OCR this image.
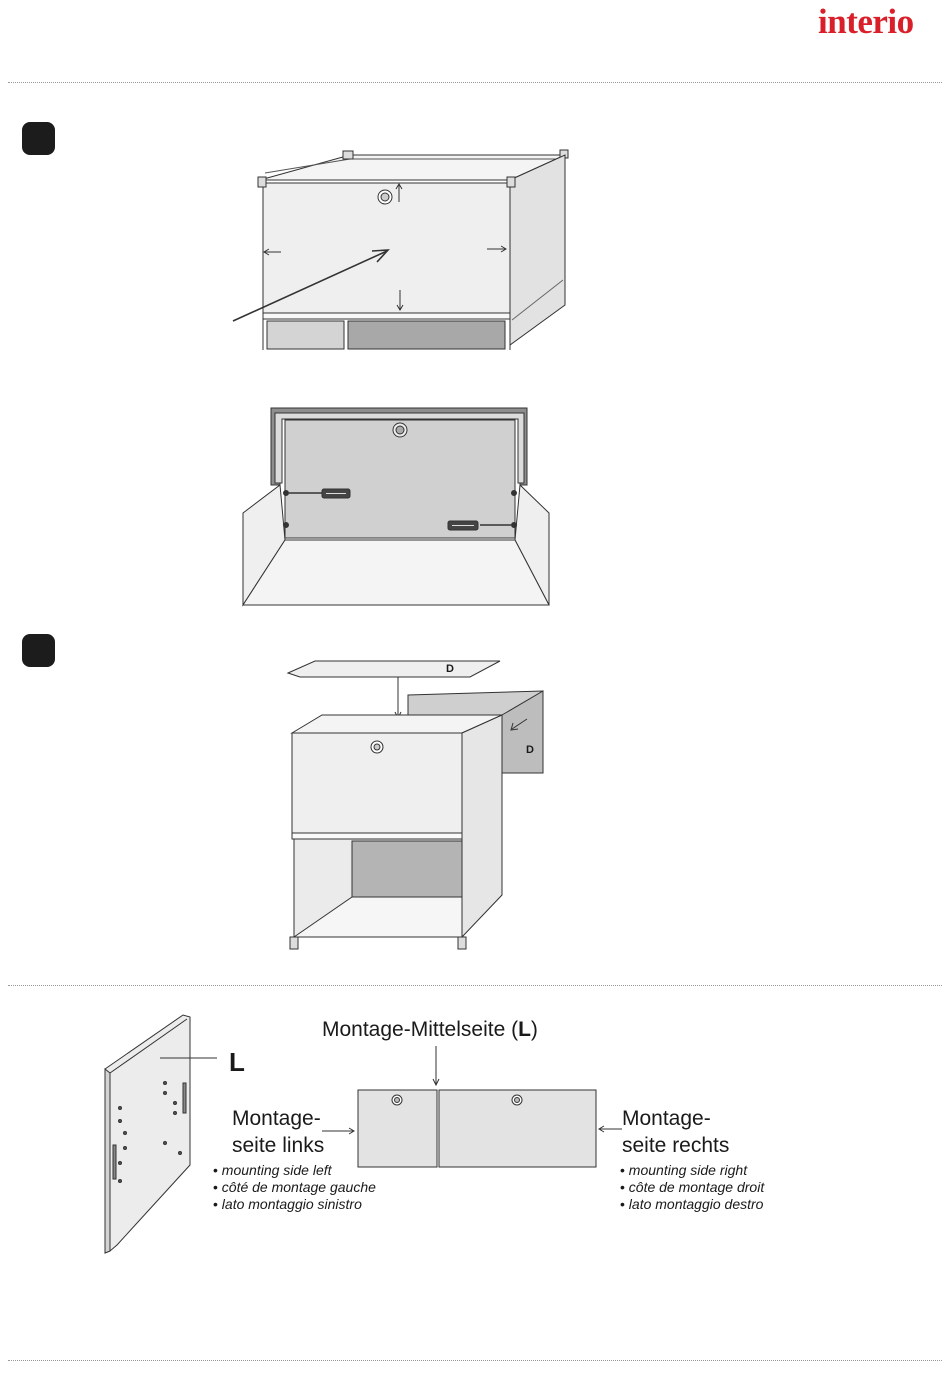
interio
D
D
L
Montage-Mittelseite (L)
Montage-
seite links
• mounting side left
• côté de montage gauche
• lato montaggio sinistro
Montage-
seite rechts
• mounting side right
• côte de montage droit
• lato montaggio destro
